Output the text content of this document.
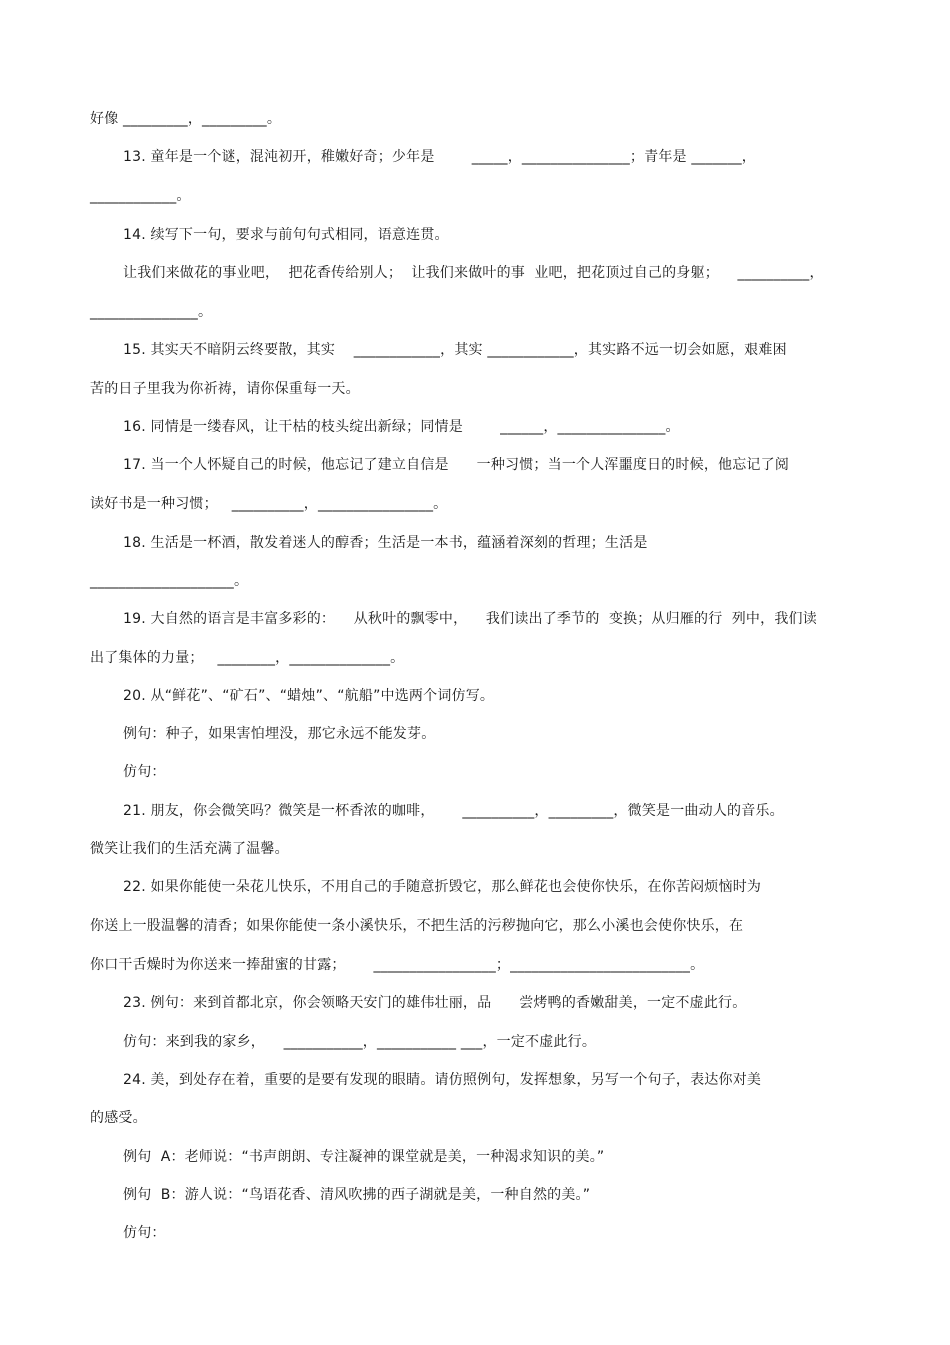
好像 _________，_________。
13. 童年是一个谜，混沌初开，稚嫩好奇；少年是        _____，_______________；青年是 _______，
____________。
14. 续写下一句，要求与前句句式相同，语意连贯。
让我们来做花的事业吧，  把花香传给别人；  让我们来做叶的事  业吧，把花顶过自己的身躯；    __________，
_______________。
15. 其实天不暗阴云终要散，其实    ____________，其实 ____________，其实路不远一切会如愿，艰难困
苦的日子里我为你祈祷，请你保重每一天。
16. 同情是一缕春风，让干枯的枝头绽出新绿；同情是        ______，_______________。
17. 当一个人怀疑自己的时候，他忘记了建立自信是      一种习惯；当一个人浑噩度日的时候，他忘记了阅
读好书是一种习惯；   __________，________________。
18. 生活是一杯酒，散发着迷人的醇香；生活是一本书，蕴涵着深刻的哲理；生活是
____________________。
19. 大自然的语言是丰富多彩的：    从秋叶的飘零中，    我们读出了季节的  变换；从归雁的行  列中，我们读
出了集体的力量；   ________，______________。
20. 从“鲜花”、“矿石”、“蜡烛”、“航船”中选两个词仿写。
例句：种子，如果害怕埋没，那它永远不能发芽。
仿句：
21. 朋友，你会微笑吗？微笑是一杯香浓的咖啡，      __________，_________，微笑是一曲动人的音乐。
微笑让我们的生活充满了温馨。
22. 如果你能使一朵花儿快乐，不用自己的手随意折毁它，那么鲜花也会使你快乐，在你苦闷烦恼时为
你送上一股温馨的清香；如果你能使一条小溪快乐，不把生活的污秽抛向它，那么小溪也会使你快乐，在
你口干舌燥时为你送来一捧甜蜜的甘露；      _________________；_________________________。
23. 例句：来到首都北京，你会领略天安门的雄伟壮丽，品      尝烤鸭的香嫩甜美，一定不虚此行。
仿句：来到我的家乡，    ___________，___________ ___，一定不虚此行。
24. 美，到处存在着，重要的是要有发现的眼睛。请仿照例句，发挥想象，另写一个句子，表达你对美
的感受。
例句  A：老师说：“书声朗朗、专注凝神的课堂就是美，一种渴求知识的美。”
例句  B：游人说：“鸟语花香、清风吹拂的西子湖就是美，一种自然的美。”
仿句：
